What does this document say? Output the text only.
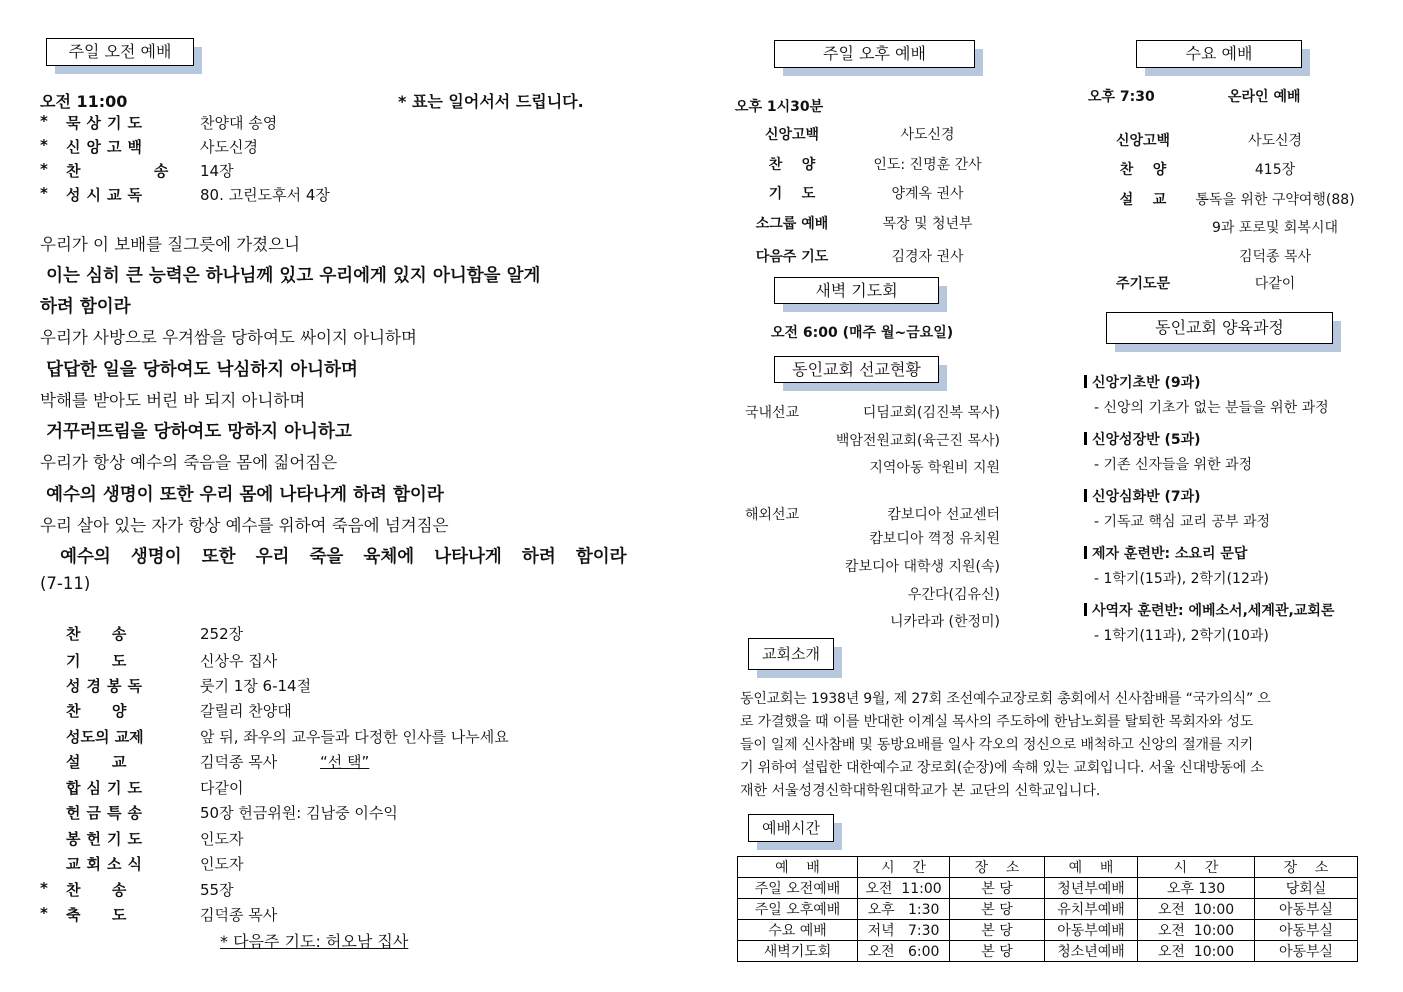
주일 오전 예배
오전 11:00	* 표는 일어서서 드립니다.
* 묵상기도	찬양대 송영
* 신앙고백	사도신경
* 찬      송 14장
* 성시교독	80. 고린도후서 4장
우리가 이 보배를 질그릇에 가졌으니
이는 심히 큰 능력은 하나님께 있고 우리에게 있지 아니함을 알게
하려 함이라
우리가 사방으로 우겨쌈을 당하여도 싸이지 아니하며
답답한 일을 당하여도 낙심하지 아니하며
박해를 받아도 버린 바 되지 아니하며
거꾸러뜨림을 당하여도 망하지 아니하고
우리가 항상 예수의 죽음을 몸에 짊어짐은
예수의 생명이 또한 우리 몸에 나타나게 하려 함이라
우리 살아 있는 자가 항상 예수를 위하여 죽음에 넘겨짐은
예수의 생명이 또한 우리 죽을 육체에 나타나게 하려 함이라
(7-11)
찬      송	252장
기      도	신상우 집사
성경봉독	룻기 1장 6-14절
찬      양	갈릴리 찬양대
성도의 교제	앞 뒤, 좌우의 교우들과 다정한 인사를 나누세요
설      교	김덕종 목사
합심기도	다같이
헌금특송	50장 헌금위원: 김남중 이수익
봉헌기도	인도자
교회소식	인도자
* 찬      송	55장
* 축      도	김덕종 목사
“선 택”
* 다음주 기도: 허오남 집사
주일 오후 예배
오후 1시30분
신앙고백	사도신경
찬    양	인도: 진명훈 간사
기    도	양계옥 권사
소그룹 예배	목장 및 청년부
다음주 기도	김경자 권사
새벽 기도회
오전 6:00 (매주 월~금요일)
동인교회 선교현황
국내선교	디딤교회(김진복 목사)
백암전원교회(육근진 목사)
지역아동 학원비 지원
해외선교	캄보디아 선교센터
캄보디아 껵정 유치원
캄보디아 대학생 지원(속)
우간다(김유신)
니카라과 (한정미)
교회소개
동인교회는 1938년 9월, 제 27회 조선예수교장로회 총회에서 신사참배를 “국가의식” 으
로 가결했을 때 이를 반대한 이계실 목사의 주도하에 한남노회를 탈퇴한 목회자와 성도
들이 일제 신사참배 및 동방요배를 일사 각오의 정신으로 배척하고 신앙의 절개를 지키
기 위하여 설립한 대한예수교 장로회(순장)에 속해 있는 교회입니다. 서울 신대방동에 소
재한 서울성경신학대학원대학교가 본 교단의 신학교입니다.
예배시간
예    배	시    간	장    소	예    배	시    간	장    소
주일 오전예배	오전  11:00	본 당	청년부예배	오후 130	당회실
주일 오후예배	오후   1:30	본 당	유치부예배	오전  10:00	아동부실
수요 예배	저녁   7:30	본 당	아동부예배	오전  10:00	아동부실
새벽기도회	오전   6:00	본 당	청소년예배	오전  10:00	아동부실
수요 예배
오후 7:30	온라인 예배
신앙고백	사도신경
찬    양	415장
설    교	통독을 위한 구약여행(88)
9과 포로및 회복시대
김덕종 목사
주기도문	다같이
동인교회 양육과정
신앙기초반 (9과)
- 신앙의 기초가 없는 분들을 위한 과정
신앙성장반 (5과)
- 기존 신자들을 위한 과정
신앙심화반 (7과)
- 기독교 핵심 교리 공부 과정
제자 훈련반: 소요리 문답
- 1학기(15과), 2학기(12과)
사역자 훈련반: 에베소서,세계관,교회론
- 1학기(11과), 2학기(10과)
